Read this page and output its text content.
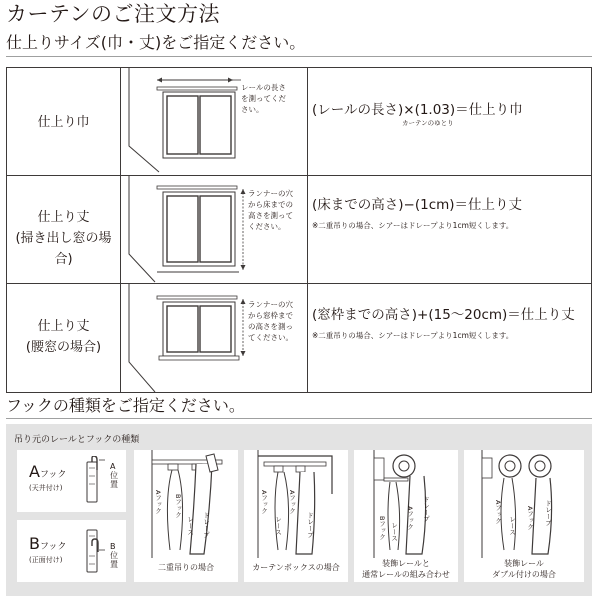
カーテンのご注文方法
仕上りサイズ(巾・丈)をご指定ください。
仕上り巾
レールの長さ
を測ってくだ
さい。	(レールの長さ)×(1.03)＝仕上り巾
カーテンのゆとり
仕上り丈
(掃き出し窓の場合)
ランナーの穴
から床までの
高さを測って
ください。
(床までの高さ)−(1cm)＝仕上り丈
※二重吊りの場合、シアーはドレープより1cm短くします。
仕上り丈
(腰窓の場合)
ランナーの穴
から窓枠まで
の高さを測っ
てください。
(窓枠までの高さ)+(15〜20cm)＝仕上り丈
※二重吊りの場合、シアーはドレープより1cm短くします。
フックの種類をご指定ください。
吊り元のレールとフックの種類
Aフック
(天井付け)
A
位
置
Bフック
(正面付け)
B
位
置
Aフック Bフック
レース ドレープ
二重吊りの場合
Aフック	Aフック
レース	ドレープ
カーテンボックスの場合
Bフック レース
Aフック ドレープ
装飾レールと
通常レールの組み合わせ
Aフック
レース Aフック ドレープ
装飾レール
ダブル付けの場合
